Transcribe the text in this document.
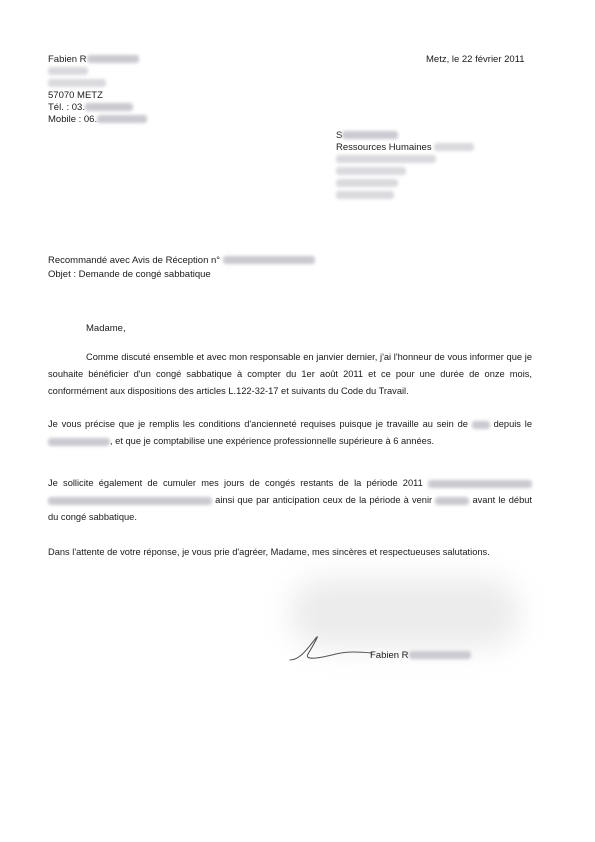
Fabien R
57070 METZ
Tél. : 03.
Mobile : 06.
Metz, le 22 février 2011
S
Ressources Humaines
Recommandé avec Avis de Réception n°
Objet : Demande de congé sabbatique
Madame,
Comme discuté ensemble et avec mon responsable en janvier dernier, j'ai l'honneur de vous informer que je souhaite bénéficier d'un congé sabbatique à compter du 1er août 2011 et ce pour une durée de onze mois, conformément aux dispositions des articles L.122-32-17 et suivants du Code du Travail.
Je vous précise que je remplis les conditions d'ancienneté requises puisque je travaille au sein de	depuis le , et que je comptabilise une expérience professionnelle supérieure à 6 années.
Je sollicite également de cumuler mes jours de congés restants de la période 2011   ainsi que par anticipation ceux de la période à venir	avant le début du congé sabbatique.
Dans l'attente de votre réponse, je vous prie d'agréer, Madame, mes sincères et respectueuses salutations.
Fabien R
